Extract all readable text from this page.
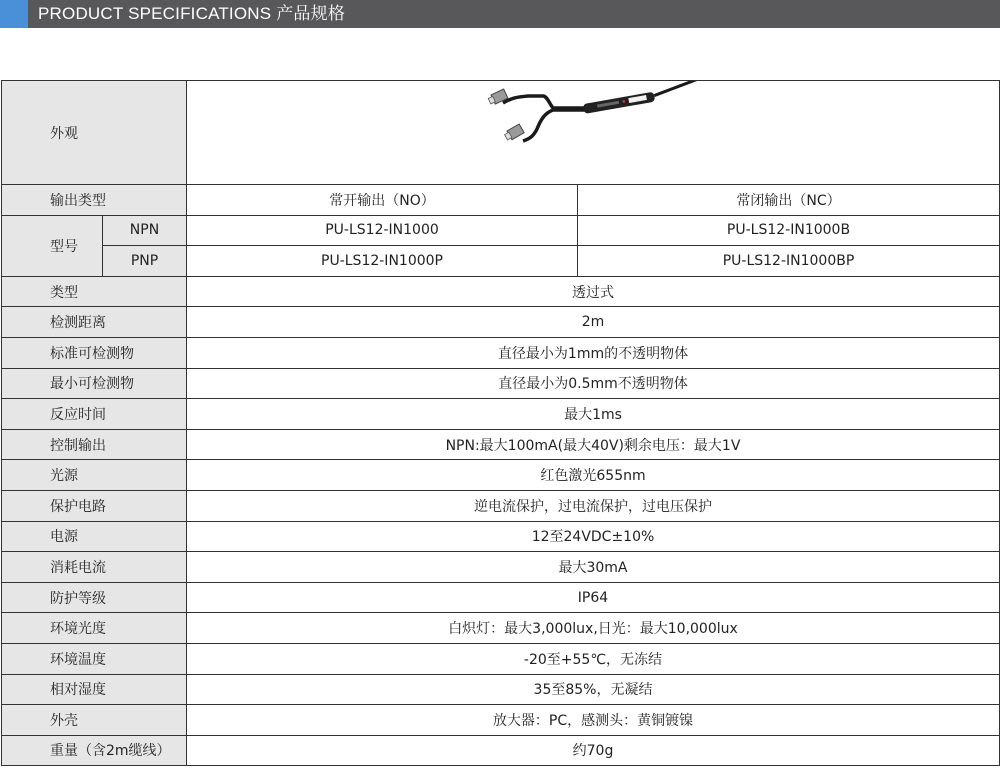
PRODUCT SPECIFICATIONS 产品规格
外观	

输出类型		常开输出（NO）	常闭输出（NC）
型号	NPN	PU-LS12-IN1000	PU-LS12-IN1000B
	PNP	PU-LS12-IN1000P	PU-LS12-IN1000BP
类型		透过式	
检测距离		2m	
标准可检测物		直径最小为1mm的不透明物体	
最小可检测物		直径最小为0.5mm不透明物体	
反应时间		最大1ms	
控制输出		NPN:最大100mA(最大40V)剩余电压：最大1V	
光源		红色激光655nm	
保护电路		逆电流保护，过电流保护，过电压保护	
电源		12至24VDC±10%	
消耗电流		最大30mA	
防护等级		IP64	
环境光度		白炽灯：最大3,000lux,日光：最大10,000lux	
环境温度		-20至+55℃，无冻结	
相对湿度		35至85%，无凝结	
外壳		放大器：PC，感测头：黄铜镀镍	
重量（含2m缆线）		约70g	
